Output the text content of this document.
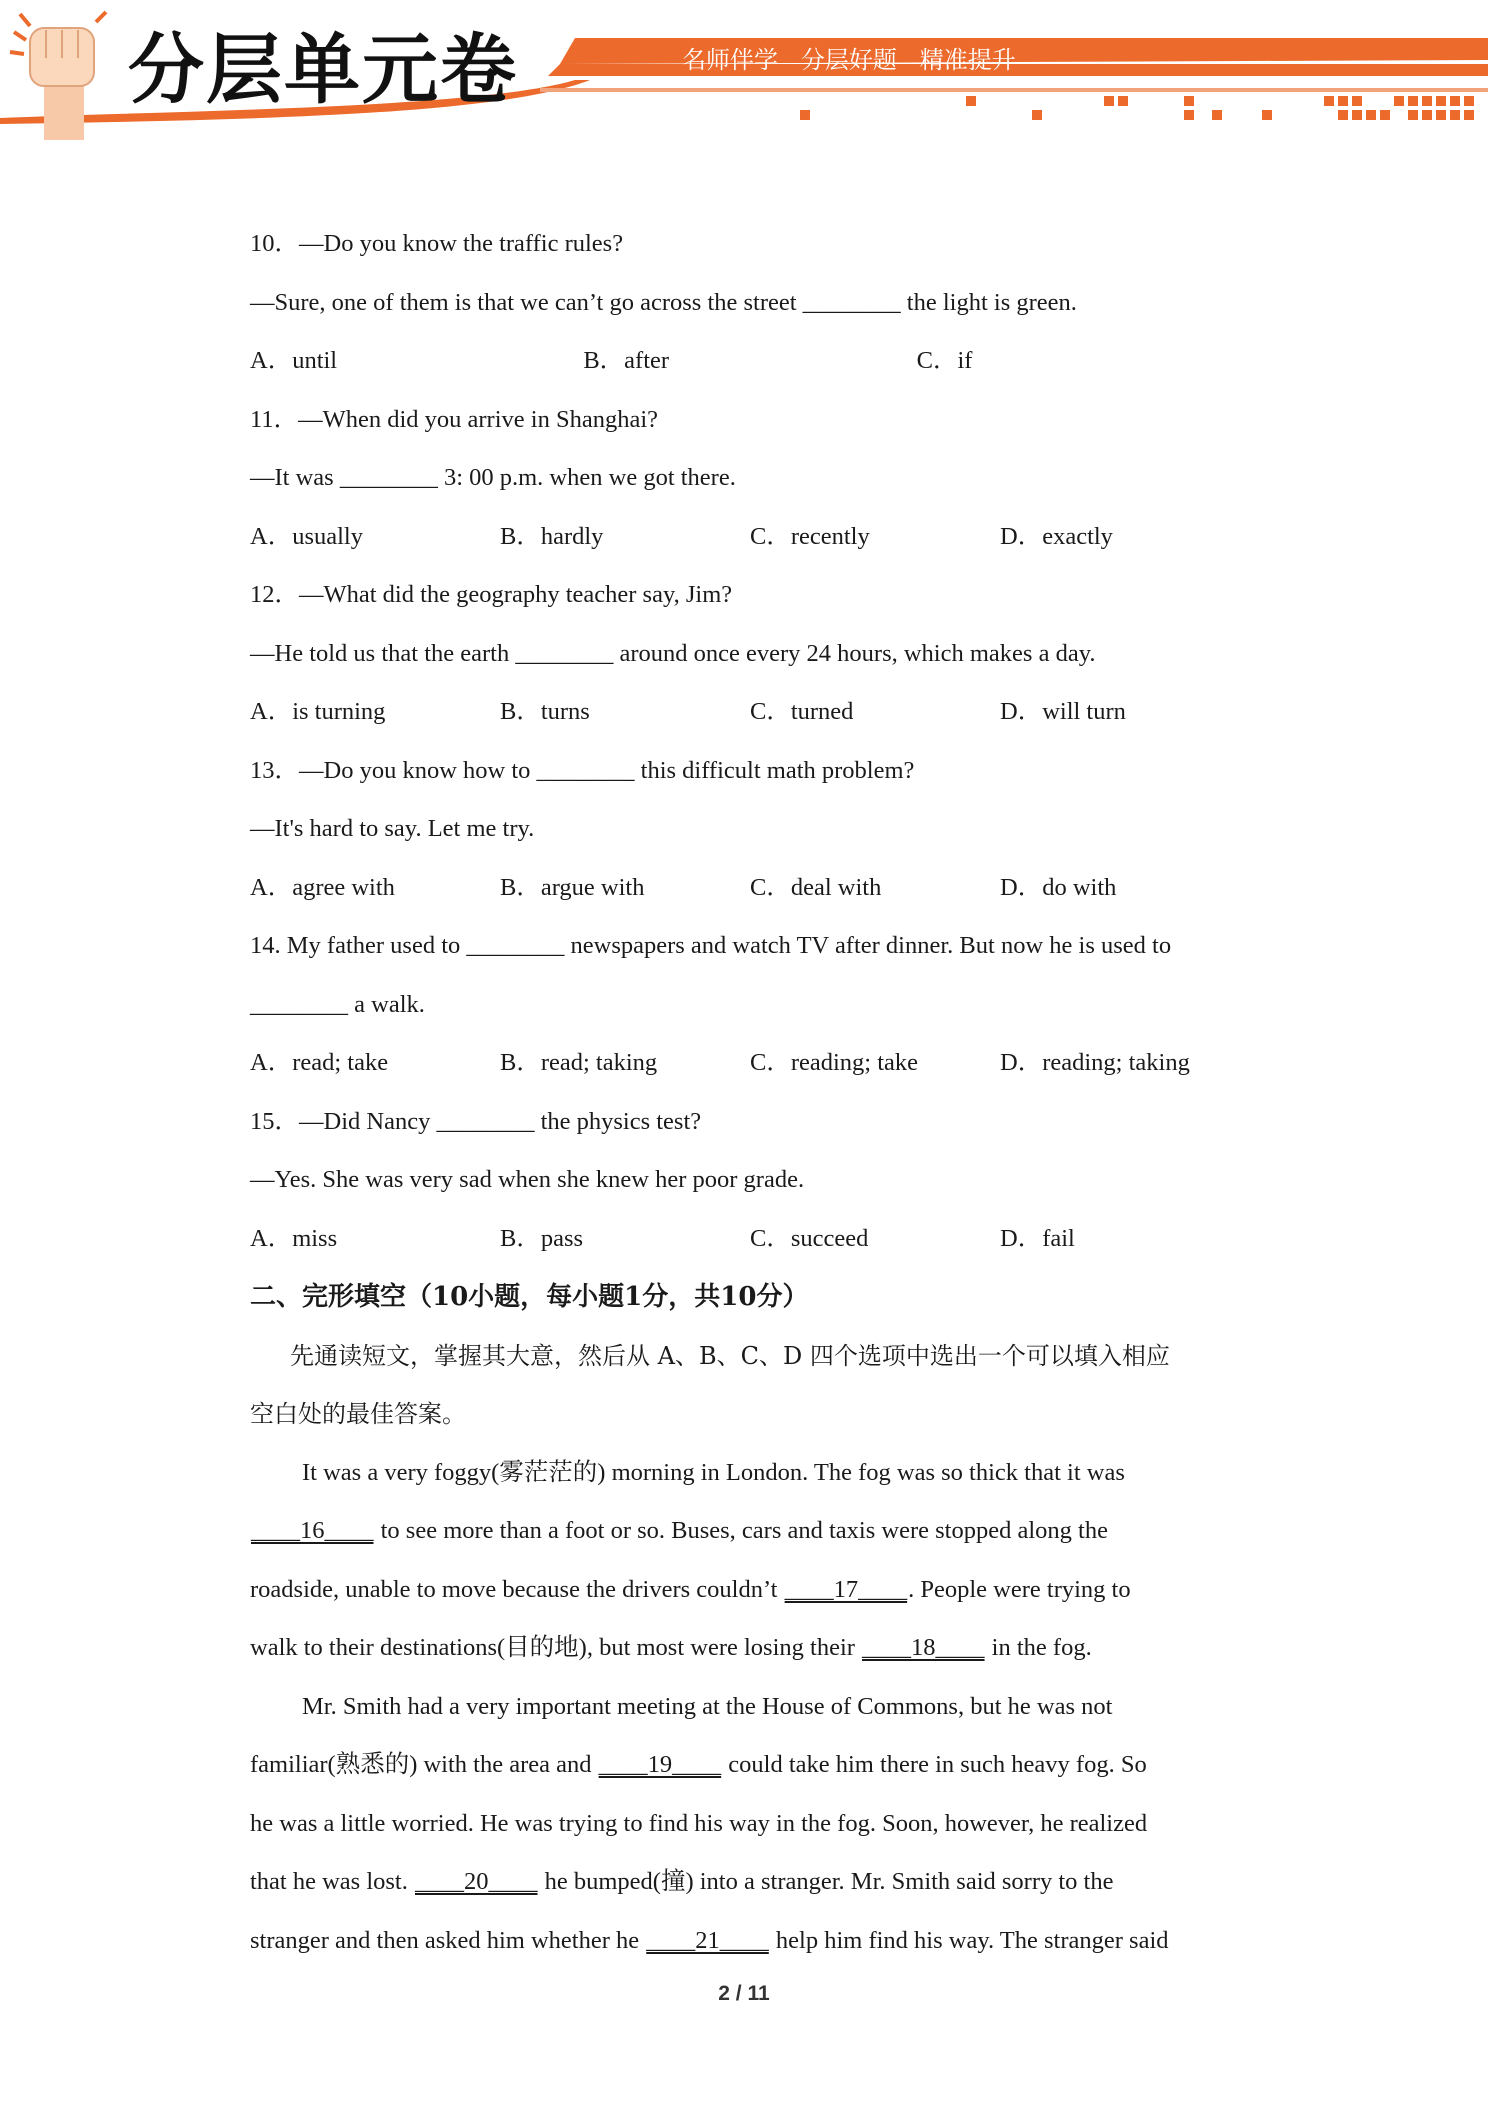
分层单元卷	名师伴学   分层好题   精准提升
10．—Do you know the traffic rules?
—Sure, one of them is that we can’t go across the street ________ the light is green.
A．until	B．after	C．if
11．—When did you arrive in Shanghai?
—It was ________ 3: 00 p.m. when we got there.
A．usually	B．hardly	C．recently	D．exactly
12．—What did the geography teacher say, Jim?
—He told us that the earth ________ around once every 24 hours, which makes a day.
A．is turning	B．turns	C．turned	D．will turn
13．—Do you know how to ________ this difficult math problem?
—It's hard to say. Let me try.
A．agree with	B．argue with	C．deal with	D．do with
14. My father used to ________ newspapers and watch TV after dinner. But now he is used to
________ a walk.
A．read; take	B．read; taking	C．reading; take	D．reading; taking
15．—Did Nancy ________ the physics test?
—Yes. She was very sad when she knew her poor grade.
A．miss	B．pass	C．succeed	D．fail
二、完形填空（10小题，每小题1分，共10分）
先通读短文，掌握其大意，然后从 A、B、C、D 四个选项中选出一个可以填入相应
空白处的最佳答案。
It was a very foggy(雾茫茫的) morning in London. The fog was so thick that it was
____16____ to see more than a foot or so. Buses, cars and taxis were stopped along the
roadside, unable to move because the drivers couldn’t ____17____. People were trying to
walk to their destinations(目的地), but most were losing their ____18____ in the fog.
Mr. Smith had a very important meeting at the House of Commons, but he was not
familiar(熟悉的) with the area and ____19____ could take him there in such heavy fog. So
he was a little worried. He was trying to find his way in the fog. Soon, however, he realized
that he was lost. ____20____ he bumped(撞) into a stranger. Mr. Smith said sorry to the
stranger and then asked him whether he ____21____ help him find his way. The stranger said
2 / 11
